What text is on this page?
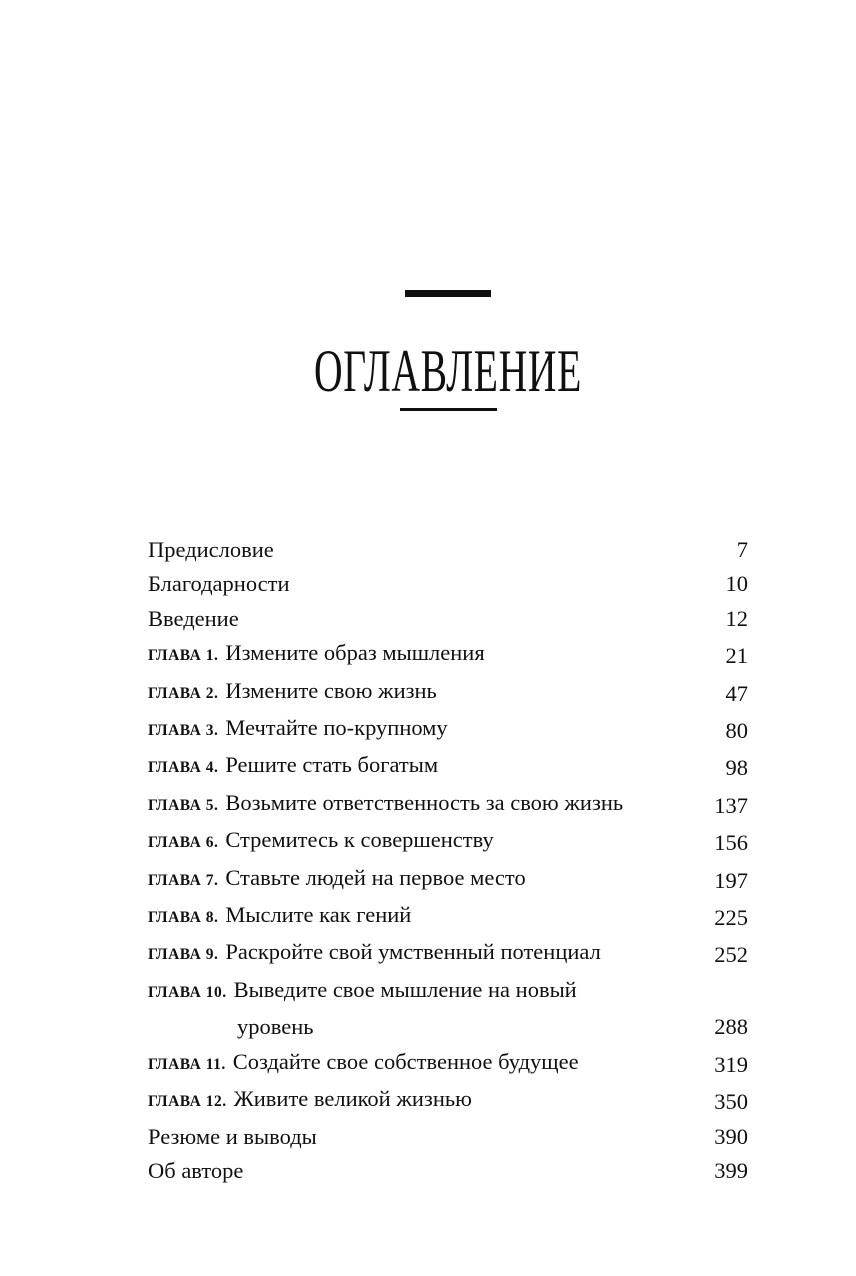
ОГЛАВЛЕНИЕ
Предисловие	7
Благодарности	10
Введение	12
ГЛАВА 1. Измените образ мышления	21
ГЛАВА 2. Измените свою жизнь	47
ГЛАВА 3. Мечтайте по-крупному	80
ГЛАВА 4. Решите стать богатым	98
ГЛАВА 5. Возьмите ответственность за свою жизнь	137
ГЛАВА 6. Стремитесь к совершенству	156
ГЛАВА 7. Ставьте людей на первое место	197
ГЛАВА 8. Мыслите как гений	225
ГЛАВА 9. Раскройте свой умственный потенциал	252
ГЛАВА 10. Выведите свое мышление на новый
уровень	288
ГЛАВА 11. Создайте свое собственное будущее	319
ГЛАВА 12. Живите великой жизнью	350
Резюме и выводы	390
Об авторе	399
